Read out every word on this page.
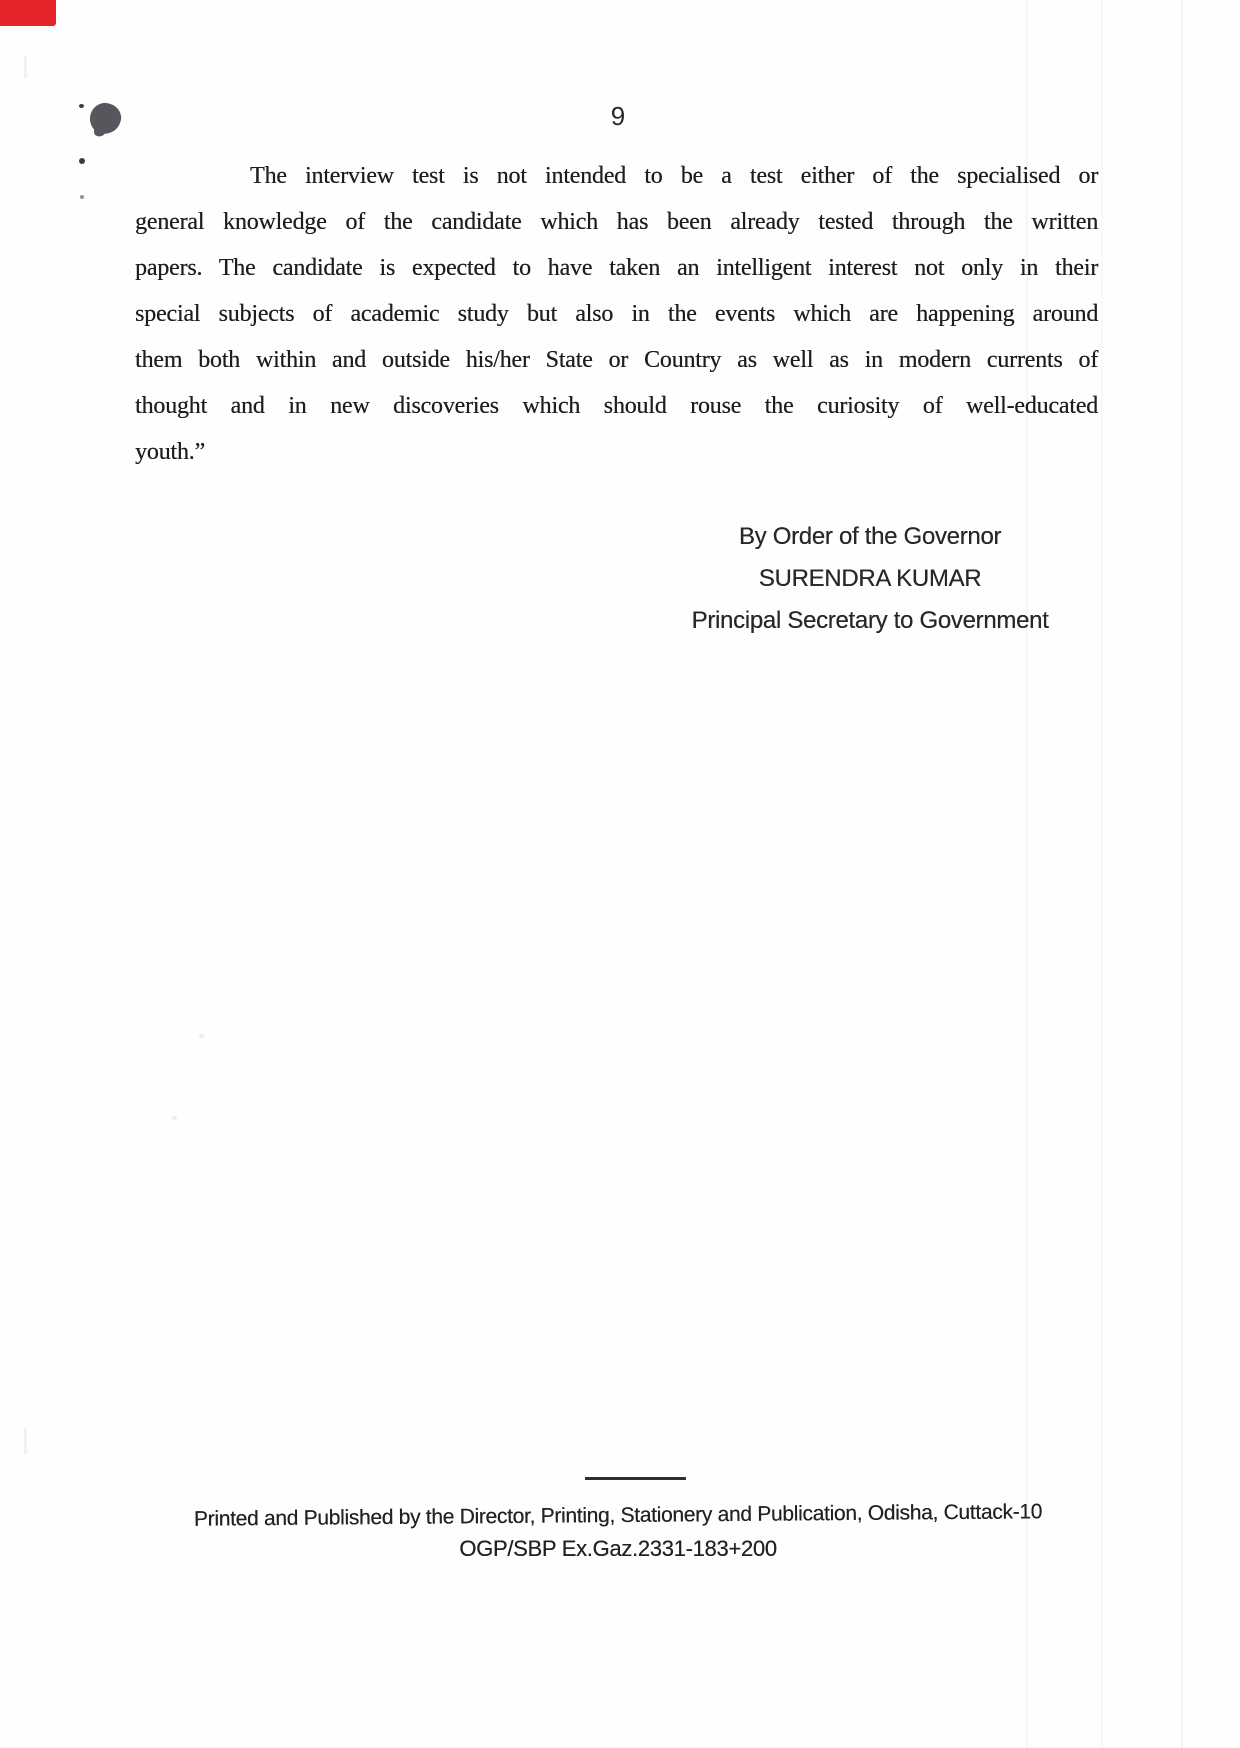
9
The interview test is not intended to be a test either of the specialised or
general knowledge of the candidate which has been already tested through the written
papers. The candidate is expected to have taken an intelligent interest not only in their
special subjects of academic study but also in the events which are happening around
them both within and outside his/her State or Country as well as in modern currents of
thought and in new discoveries which should rouse the curiosity of well-educated
youth.”
By Order of the Governor
SURENDRA KUMAR
Principal Secretary to Government
Printed and Published by the Director, Printing, Stationery and Publication, Odisha, Cuttack-10
OGP/SBP Ex.Gaz.2331-183+200
